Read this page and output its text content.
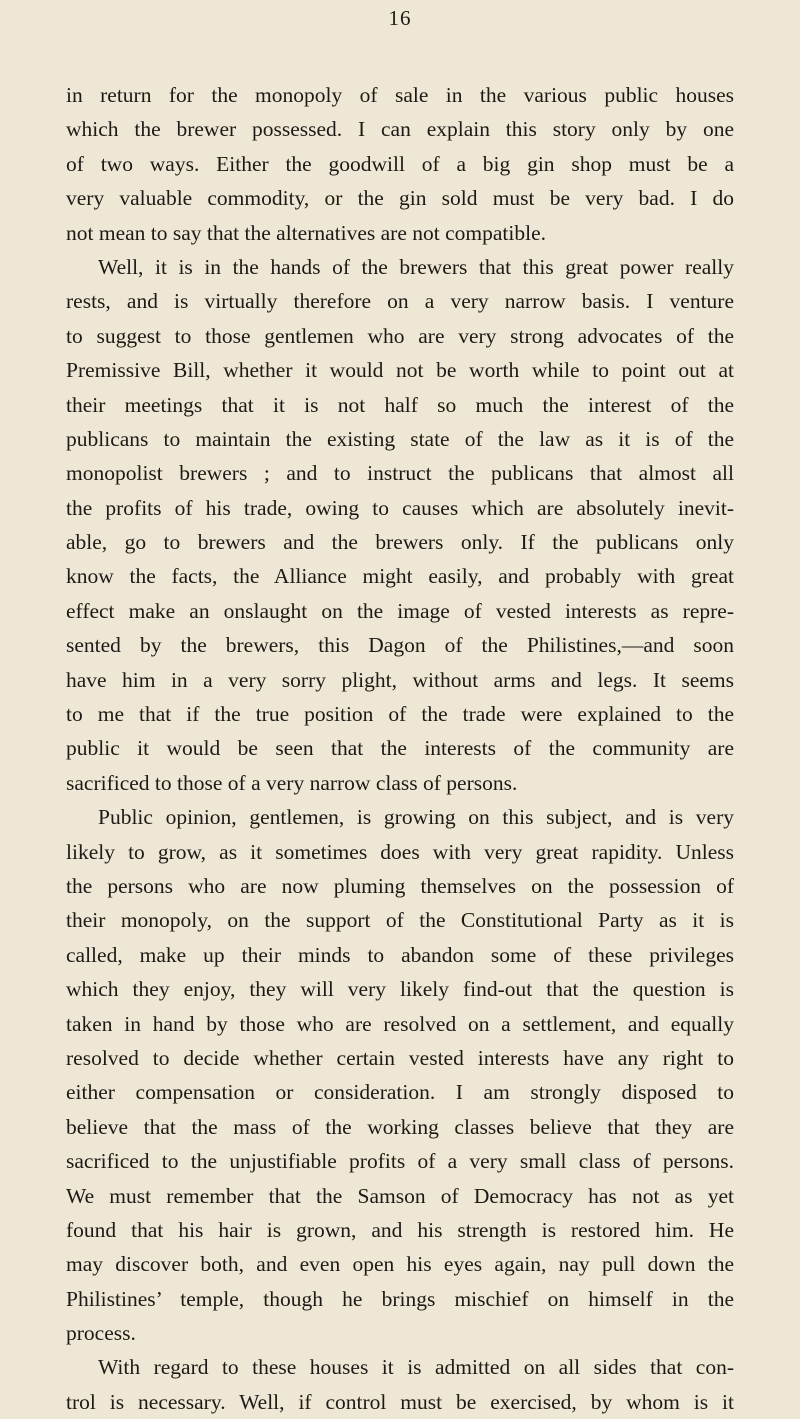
16
in return for the monopoly of sale in the various public houses
which the brewer possessed. I can explain this story only by one
of two ways. Either the goodwill of a big gin shop must be a
very valuable commodity, or the gin sold must be very bad. I do
not mean to say that the alternatives are not compatible.
Well, it is in the hands of the brewers that this great power really
rests, and is virtually therefore on a very narrow basis. I venture
to suggest to those gentlemen who are very strong advocates of the
Premissive Bill, whether it would not be worth while to point out at
their meetings that it is not half so much the interest of the
publicans to maintain the existing state of the law as it is of the
monopolist brewers ; and to instruct the publicans that almost all
the profits of his trade, owing to causes which are absolutely inevit-
able, go to brewers and the brewers only. If the publicans only
know the facts, the Alliance might easily, and probably with great
effect make an onslaught on the image of vested interests as repre-
sented by the brewers, this Dagon of the Philistines,—and soon
have him in a very sorry plight, without arms and legs. It seems
to me that if the true position of the trade were explained to the
public it would be seen that the interests of the community are
sacrificed to those of a very narrow class of persons.
Public opinion, gentlemen, is growing on this subject, and is very
likely to grow, as it sometimes does with very great rapidity. Unless
the persons who are now pluming themselves on the possession of
their monopoly, on the support of the Constitutional Party as it is
called, make up their minds to abandon some of these privileges
which they enjoy, they will very likely find-out that the question is
taken in hand by those who are resolved on a settlement, and equally
resolved to decide whether certain vested interests have any right to
either compensation or consideration. I am strongly disposed to
believe that the mass of the working classes believe that they are
sacrificed to the unjustifiable profits of a very small class of persons.
We must remember that the Samson of Democracy has not as yet
found that his hair is grown, and his strength is restored him. He
may discover both, and even open his eyes again, nay pull down the
Philistines’ temple, though he brings mischief on himself in the
process.
With regard to these houses it is admitted on all sides that con-
trol is necessary. Well, if control must be exercised, by whom is it
